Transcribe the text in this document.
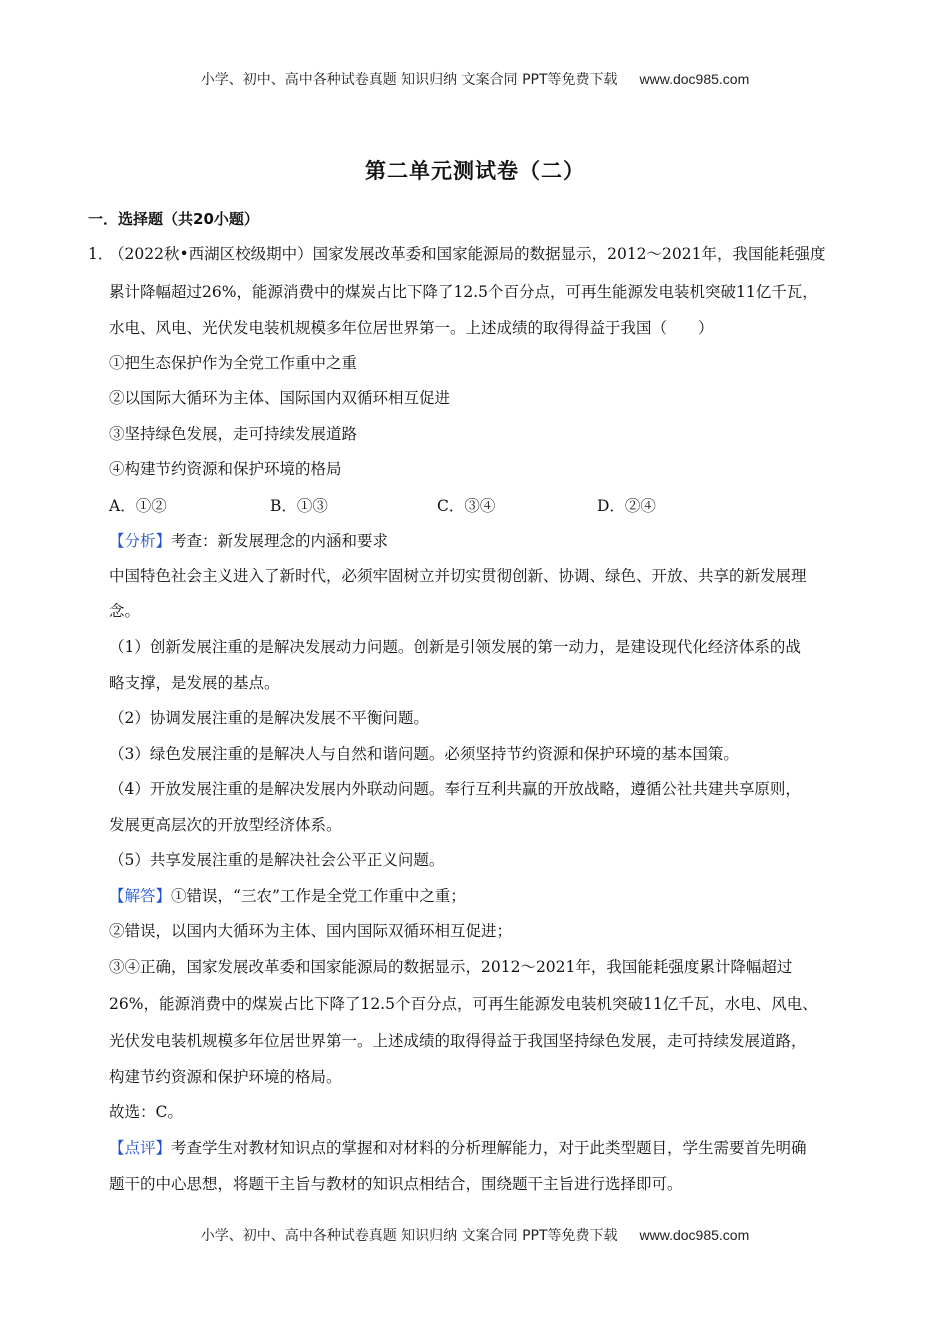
小学、初中、高中各种试卷真题 知识归纳 文案合同 PPT等免费下载 www.doc985.com
第二单元测试卷（二）
一．选择题（共20小题）
1．
（2022秋•西湖区校级期中）国家发展改革委和国家能源局的数据显示，2012～2021年，我国能耗强度
累计降幅超过26%，能源消费中的煤炭占比下降了12.5个百分点，可再生能源发电装机突破11亿千瓦，
水电、风电、光伏发电装机规模多年位居世界第一。上述成绩的取得得益于我国（　　）
①把生态保护作为全党工作重中之重
②以国际大循环为主体、国际国内双循环相互促进
③坚持绿色发展，走可持续发展道路
④构建节约资源和保护环境的格局
A．①②	B．①③	C．③④	D．②④
【分析】考查：新发展理念的内涵和要求
中国特色社会主义进入了新时代，必须牢固树立并切实贯彻创新、协调、绿色、开放、共享的新发展理
念。
（1）创新发展注重的是解决发展动力问题。创新是引领发展的第一动力，是建设现代化经济体系的战
略支撑，是发展的基点。
（2）协调发展注重的是解决发展不平衡问题。
（3）绿色发展注重的是解决人与自然和谐问题。必须坚持节约资源和保护环境的基本国策。
（4）开放发展注重的是解决发展内外联动问题。奉行互利共赢的开放战略，遵循公社共建共享原则，
发展更高层次的开放型经济体系。
（5）共享发展注重的是解决社会公平正义问题。
【解答】①错误，“三农”工作是全党工作重中之重；
②错误，以国内大循环为主体、国内国际双循环相互促进；
③④正确，国家发展改革委和国家能源局的数据显示，2012～2021年，我国能耗强度累计降幅超过
26%，能源消费中的煤炭占比下降了12.5个百分点，可再生能源发电装机突破11亿千瓦，水电、风电、
光伏发电装机规模多年位居世界第一。上述成绩的取得得益于我国坚持绿色发展，走可持续发展道路，
构建节约资源和保护环境的格局。
故选：C。
【点评】考查学生对教材知识点的掌握和对材料的分析理解能力，对于此类型题目，学生需要首先明确
题干的中心思想，将题干主旨与教材的知识点相结合，围绕题干主旨进行选择即可。
小学、初中、高中各种试卷真题 知识归纳 文案合同 PPT等免费下载 www.doc985.com
